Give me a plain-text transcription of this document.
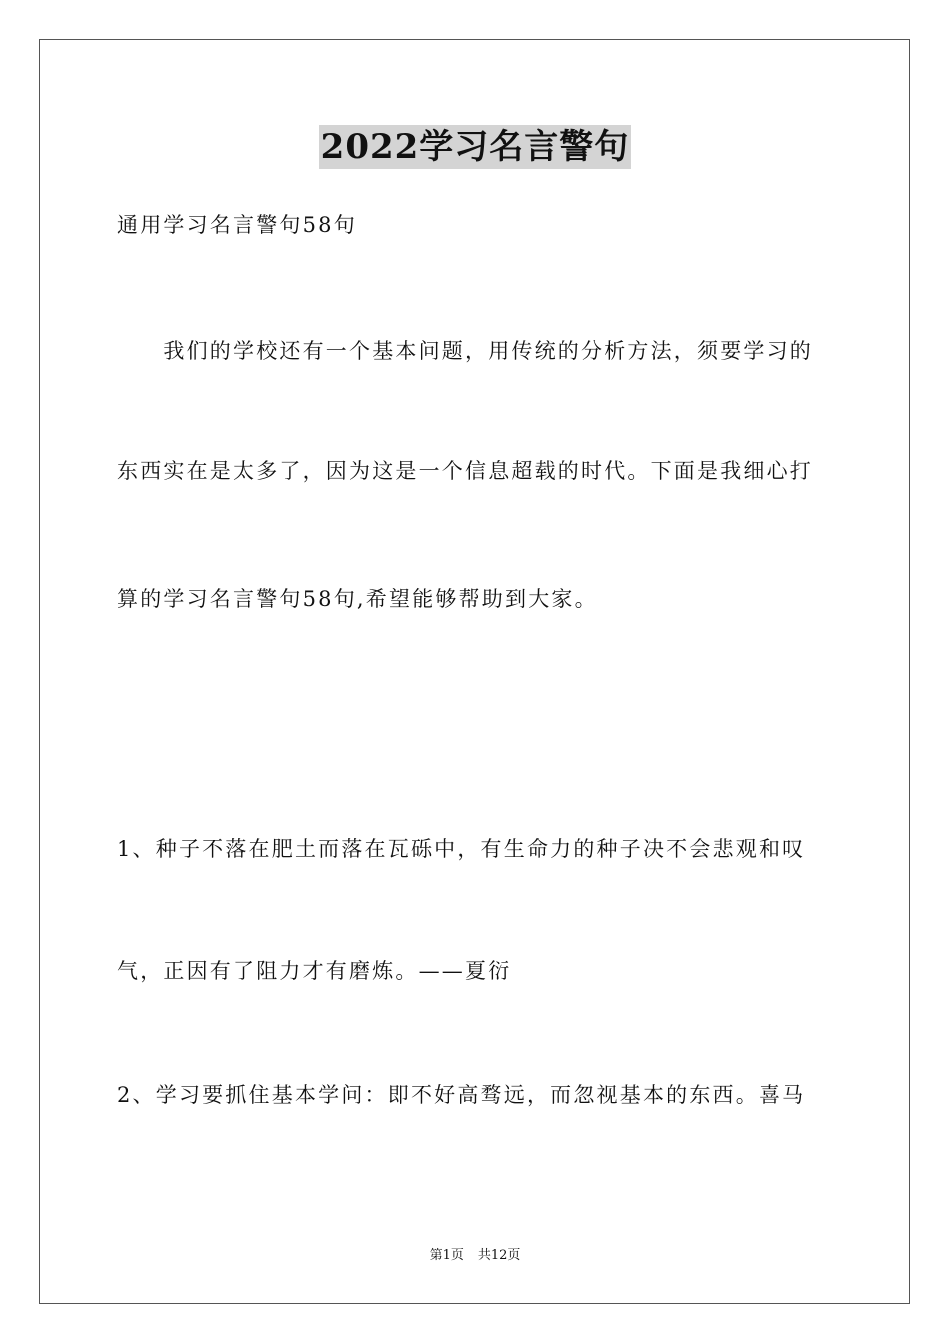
2022学习名言警句
通用学习名言警句58句
　　我们的学校还有一个基本问题，用传统的分析方法，须要学习的
东西实在是太多了，因为这是一个信息超载的时代。下面是我细心打
算的学习名言警句58句,希望能够帮助到大家。
1、种子不落在肥土而落在瓦砾中，有生命力的种子决不会悲观和叹
气，正因有了阻力才有磨炼。——夏衍
2、学习要抓住基本学问：即不好高骛远，而忽视基本的东西。喜马
第1页 共12页
